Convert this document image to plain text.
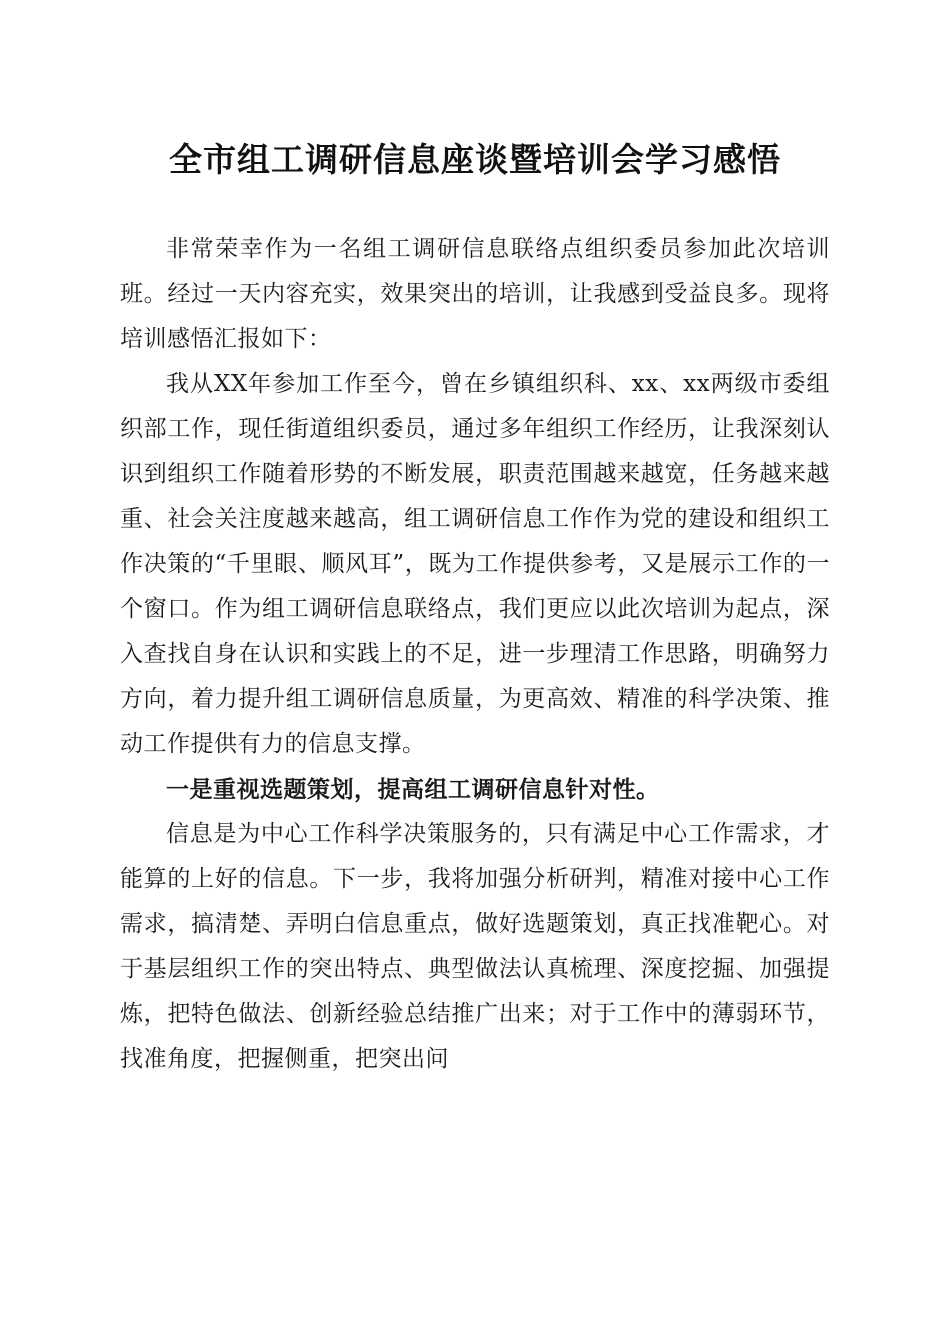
全市组工调研信息座谈暨培训会学习感悟

非常荣幸作为一名组工调研信息联络点组织委员参加此次培训班。经过一天内容充实，效果突出的培训，让我感到受益良多。现将培训感悟汇报如下：

我从XX年参加工作至今，曾在乡镇组织科、xx、xx两级市委组织部工作，现任街道组织委员，通过多年组织工作经历，让我深刻认识到组织工作随着形势的不断发展，职责范围越来越宽，任务越来越重、社会关注度越来越高，组工调研信息工作作为党的建设和组织工作决策的“千里眼、顺风耳”，既为工作提供参考，又是展示工作的一个窗口。作为组工调研信息联络点，我们更应以此次培训为起点，深入查找自身在认识和实践上的不足，进一步理清工作思路，明确努力方向，着力提升组工调研信息质量，为更高效、精准的科学决策、推动工作提供有力的信息支撑。

一是重视选题策划，提高组工调研信息针对性。

信息是为中心工作科学决策服务的，只有满足中心工作需求，才能算的上好的信息。下一步，我将加强分析研判，精准对接中心工作需求，搞清楚、弄明白信息重点，做好选题策划，真正找准靶心。对于基层组织工作的突出特点、典型做法认真梳理、深度挖掘、加强提炼，把特色做法、创新经验总结推广出来；对于工作中的薄弱环节，找准角度，把握侧重，把突出问
